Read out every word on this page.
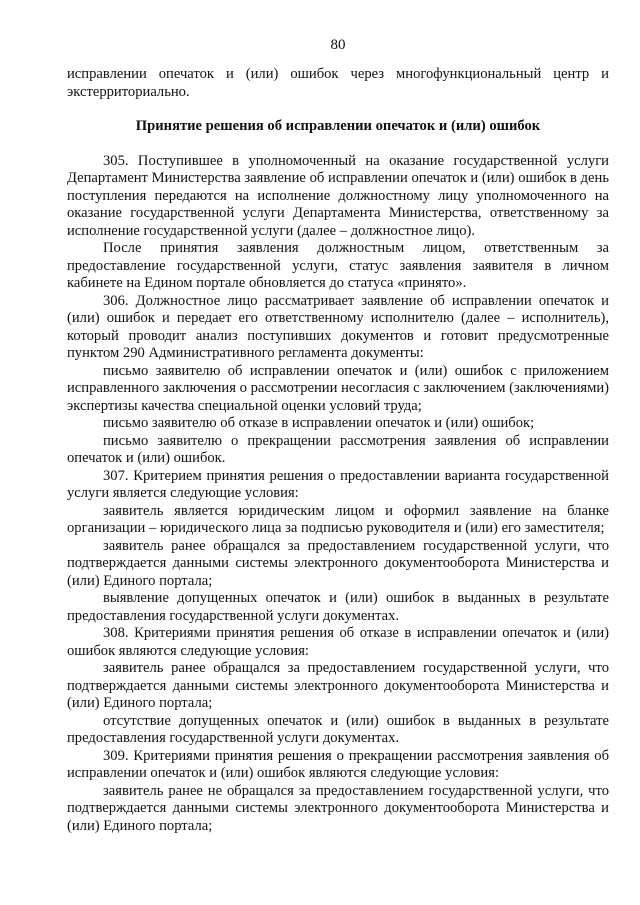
80

исправлении опечаток и (или) ошибок через многофункциональный центр и экстерриториально.

Принятие решения об исправлении опечаток и (или) ошибок

305. Поступившее в уполномоченный на оказание государственной услуги Департамент Министерства заявление об исправлении опечаток и (или) ошибок в день поступления передаются на исполнение должностному лицу уполномоченного на оказание государственной услуги Департамента Министерства, ответственному за исполнение государственной услуги (далее – должностное лицо).

После принятия заявления должностным лицом, ответственным за предоставление государственной услуги, статус заявления заявителя в личном кабинете на Едином портале обновляется до статуса «принято».

306. Должностное лицо рассматривает заявление об исправлении опечаток и (или) ошибок и передает его ответственному исполнителю (далее – исполнитель), который проводит анализ поступивших документов и готовит предусмотренные пунктом 290 Административного регламента документы:

письмо заявителю об исправлении опечаток и (или) ошибок с приложением исправленного заключения о рассмотрении несогласия с заключением (заключениями) экспертизы качества специальной оценки условий труда;

письмо заявителю об отказе в исправлении опечаток и (или) ошибок;

письмо заявителю о прекращении рассмотрения заявления об исправлении опечаток и (или) ошибок.

307. Критерием принятия решения о предоставлении варианта государственной услуги является следующие условия:

заявитель является юридическим лицом и оформил заявление на бланке организации – юридического лица за подписью руководителя и (или) его заместителя;

заявитель ранее обращался за предоставлением государственной услуги, что подтверждается данными системы электронного документооборота Министерства и (или) Единого портала;

выявление допущенных опечаток и (или) ошибок в выданных в результате предоставления государственной услуги документах.

308. Критериями принятия решения об отказе в исправлении опечаток и (или) ошибок являются следующие условия:

заявитель ранее обращался за предоставлением государственной услуги, что подтверждается данными системы электронного документооборота Министерства и (или) Единого портала;

отсутствие допущенных опечаток и (или) ошибок в выданных в результате предоставления государственной услуги документах.

309. Критериями принятия решения о прекращении рассмотрения заявления об исправлении опечаток и (или) ошибок являются следующие условия:

заявитель ранее не обращался за предоставлением государственной услуги, что подтверждается данными системы электронного документооборота Министерства и (или) Единого портала;
